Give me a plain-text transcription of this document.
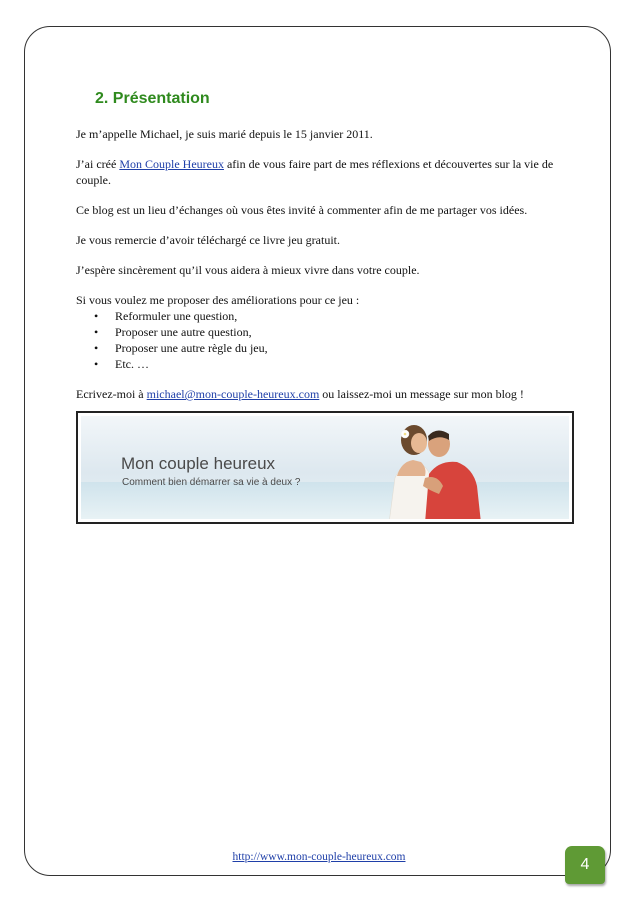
2. Présentation

Je m’appelle Michael, je suis marié depuis le 15 janvier 2011.

J’ai créé Mon Couple Heureux afin de vous faire part de mes réflexions et découvertes sur la vie de couple.

Ce blog est un lieu d’échanges où vous êtes invité à commenter afin de me partager vos idées.

Je vous remercie d’avoir téléchargé ce livre jeu gratuit.

J’espère sincèrement qu’il vous aidera à mieux vivre dans votre couple.

Si vous voulez me proposer des améliorations pour ce jeu :

• Reformuler une question,
• Proposer une autre question,
• Proposer une autre règle du jeu,
• Etc. …

Ecrivez-moi à michael@mon-couple-heureux.com ou laissez-moi un message sur mon blog !

Mon couple heureux
Comment bien démarrer sa vie à deux ?
http://www.mon-couple-heureux.com	4
